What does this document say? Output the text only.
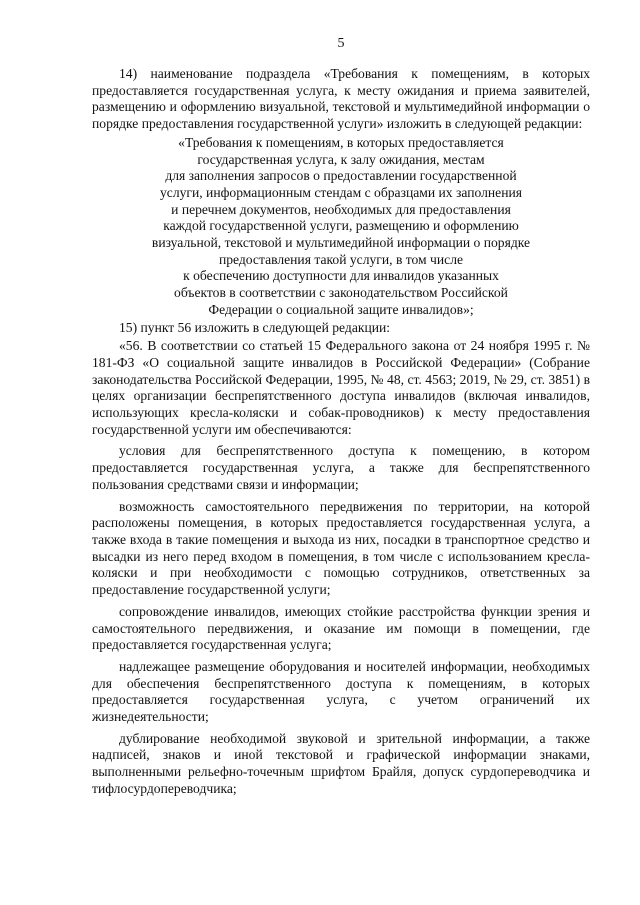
5

14) наименование подраздела «Требования к помещениям, в которых предоставляется государственная услуга, к месту ожидания и приема заявителей, размещению и оформлению визуальной, текстовой и мультимедийной информации о порядке предоставления государственной услуги» изложить в следующей редакции:

«Требования к помещениям, в которых предоставляется
государственная услуга, к залу ожидания, местам
для заполнения запросов о предоставлении государственной
услуги, информационным стендам с образцами их заполнения
и перечнем документов, необходимых для предоставления
каждой государственной услуги, размещению и оформлению
визуальной, текстовой и мультимедийной информации о порядке
предоставления такой услуги, в том числе
к обеспечению доступности для инвалидов указанных
объектов в соответствии с законодательством Российской
Федерации о социальной защите инвалидов»;

15) пункт 56 изложить в следующей редакции:

«56. В соответствии со статьей 15 Федерального закона от 24 ноября 1995 г. № 181-ФЗ «О социальной защите инвалидов в Российской Федерации» (Собрание законодательства Российской Федерации, 1995, № 48, ст. 4563; 2019, № 29, ст. 3851) в целях организации беспрепятственного доступа инвалидов (включая инвалидов, использующих кресла-коляски и собак-проводников) к месту предоставления государственной услуги им обеспечиваются:

условия для беспрепятственного доступа к помещению, в котором предоставляется государственная услуга, а также для беспрепятственного пользования средствами связи и информации;

возможность самостоятельного передвижения по территории, на которой расположены помещения, в которых предоставляется государственная услуга, а также входа в такие помещения и выхода из них, посадки в транспортное средство и высадки из него перед входом в помещения, в том числе с использованием кресла-коляски и при необходимости с помощью сотрудников, ответственных за предоставление государственной услуги;

сопровождение инвалидов, имеющих стойкие расстройства функции зрения и самостоятельного передвижения, и оказание им помощи в помещении, где предоставляется государственная услуга;

надлежащее размещение оборудования и носителей информации, необходимых для обеспечения беспрепятственного доступа к помещениям, в которых предоставляется государственная услуга, с учетом ограничений их жизнедеятельности;

дублирование необходимой звуковой и зрительной информации, а также надписей, знаков и иной текстовой и графической информации знаками, выполненными рельефно-точечным шрифтом Брайля, допуск сурдопереводчика и тифлосурдопереводчика;
